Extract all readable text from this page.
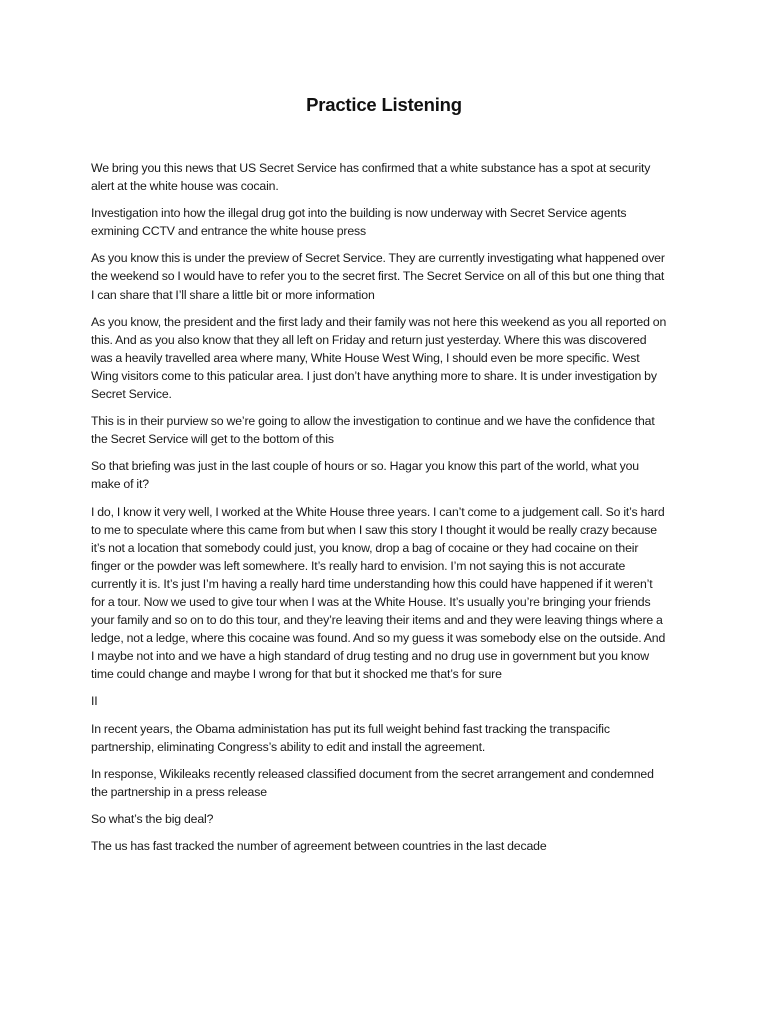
Practice Listening

We bring you this news that US Secret Service has confirmed that a white substance has a spot at security alert at the white house was cocain.

Investigation into how the illegal drug got into the building is now underway with Secret Service agents exmining CCTV and entrance the white house press

As you know this is under the preview of Secret Service. They are currently investigating what happened over the weekend so I would have to refer you to the secret first. The Secret Service on all of this but one thing that I can share that I’ll share a little bit or more information

As you know, the president and the first lady and their family was not here this weekend as you all reported on this. And as you also know that they all left on Friday and return just yesterday. Where this was discovered was a heavily travelled area where many, White House West Wing, I should even be more specific. West Wing visitors come to this paticular area. I just don’t have anything more to share. It is under investigation by Secret Service.

This is in their purview so we’re going to allow the investigation to continue and we have the confidence that the Secret Service will get to the bottom of this

So that briefing was just in the last couple of hours or so. Hagar you know this part of the world, what you make of it?

I do, I know it very well, I worked at the White House three years. I can’t come to a judgement call. So it’s hard to me to speculate where this came from but when I saw this story I thought it would be really crazy because it’s not a location that somebody could just, you know, drop a bag of cocaine or they had cocaine on their finger or the powder was left somewhere. It’s really hard to envision. I’m not saying this is not accurate currently it is. It’s just I’m having a really hard time understanding how this could have happened if it weren’t for a tour. Now we used to give tour when I was at the White House. It’s usually you’re bringing your friends your family and so on to do this tour, and they’re leaving their items and and they were leaving things where a ledge, not a ledge, where this cocaine was found. And so my guess it was somebody else on the outside. And I maybe not into and we have a high standard of drug testing and no drug use in government but you know time could change and maybe I wrong for that but it shocked me that’s for sure

II

In recent years, the Obama administation has put its full weight behind fast tracking the transpacific partnership, eliminating Congress’s ability to edit and install the agreement.

In response, Wikileaks recently released classified document from the secret arrangement and condemned the partnership in a press release

So what’s the big deal?

The us has fast tracked the number of agreement between countries in the last decade
